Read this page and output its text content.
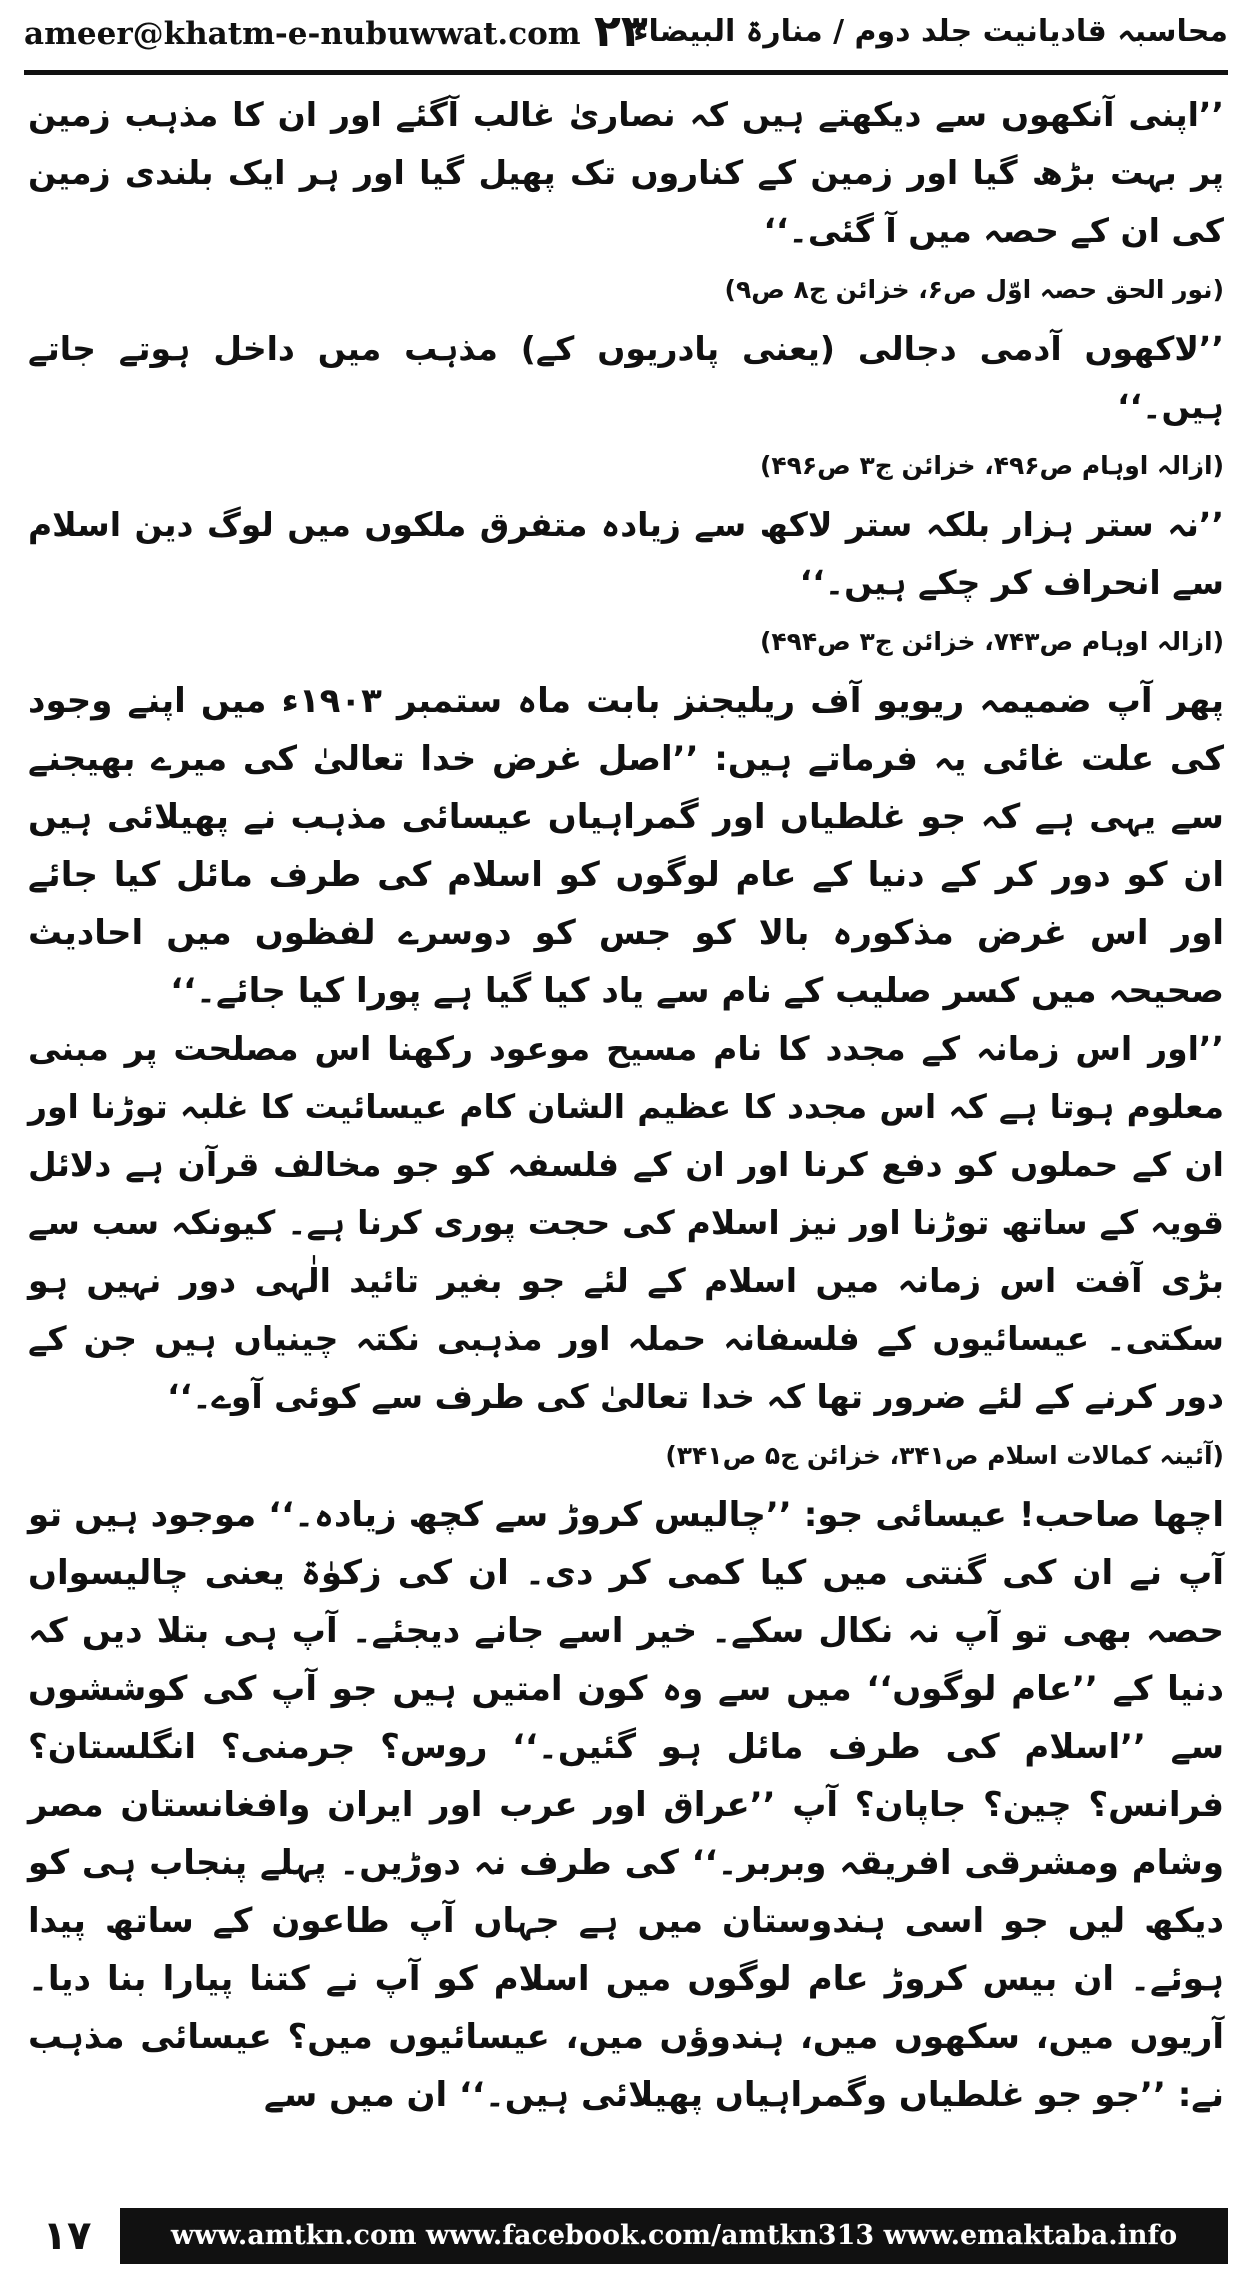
ameer@khatm-e-nubuwwat.com ۲۳
محاسبہ قادیانیت جلد دوم / منارۃ البیضاء

’’اپنی آنکھوں سے دیکھتے ہیں کہ نصاریٰ غالب آگئے اور ان کا مذہب زمین پر بہت بڑھ گیا اور زمین کے کناروں تک پھیل گیا اور ہر ایک بلندی زمین کی ان کے حصہ میں آ گئی۔‘‘

(نور الحق حصہ اوّل ص۶، خزائن ج۸ ص۹)

’’لاکھوں آدمی دجالی (یعنی پادریوں کے) مذہب میں داخل ہوتے جاتے ہیں۔‘‘

(ازالہ اوہام ص۴۹۶، خزائن ج۳ ص۴۹۶)

’’نہ ستر ہزار بلکہ ستر لاکھ سے زیادہ متفرق ملکوں میں لوگ دین اسلام سے انحراف کر چکے ہیں۔‘‘

(ازالہ اوہام ص۷۴۳، خزائن ج۳ ص۴۹۴)

پھر آپ ضمیمہ ریویو آف ریلیجنز بابت ماہ ستمبر ۱۹۰۳ء میں اپنے وجود کی علت غائی یہ فرماتے ہیں: ’’اصل غرض خدا تعالیٰ کی میرے بھیجنے سے یہی ہے کہ جو غلطیاں اور گمراہیاں عیسائی مذہب نے پھیلائی ہیں ان کو دور کر کے دنیا کے عام لوگوں کو اسلام کی طرف مائل کیا جائے اور اس غرض مذکورہ بالا کو جس کو دوسرے لفظوں میں احادیث صحیحہ میں کسر صلیب کے نام سے یاد کیا گیا ہے پورا کیا جائے۔‘‘

’’اور اس زمانہ کے مجدد کا نام مسیح موعود رکھنا اس مصلحت پر مبنی معلوم ہوتا ہے کہ اس مجدد کا عظیم الشان کام عیسائیت کا غلبہ توڑنا اور ان کے حملوں کو دفع کرنا اور ان کے فلسفہ کو جو مخالف قرآن ہے دلائل قویہ کے ساتھ توڑنا اور نیز اسلام کی حجت پوری کرنا ہے۔ کیونکہ سب سے بڑی آفت اس زمانہ میں اسلام کے لئے جو بغیر تائید الٰہی دور نہیں ہو سکتی۔ عیسائیوں کے فلسفانہ حملہ اور مذہبی نکتہ چینیاں ہیں جن کے دور کرنے کے لئے ضرور تھا کہ خدا تعالیٰ کی طرف سے کوئی آوے۔‘‘

(آئینہ کمالات اسلام ص۳۴۱، خزائن ج۵ ص۳۴۱)

اچھا صاحب! عیسائی جو: ’’چالیس کروڑ سے کچھ زیادہ۔‘‘ موجود ہیں تو آپ نے ان کی گنتی میں کیا کمی کر دی۔ ان کی زکوٰۃ یعنی چالیسواں حصہ بھی تو آپ نہ نکال سکے۔ خیر اسے جانے دیجئے۔ آپ ہی بتلا دیں کہ دنیا کے ’’عام لوگوں‘‘ میں سے وہ کون امتیں ہیں جو آپ کی کوششوں سے ’’اسلام کی طرف مائل ہو گئیں۔‘‘ روس؟ جرمنی؟ انگلستان؟ فرانس؟ چین؟ جاپان؟ آپ ’’عراق اور عرب اور ایران وافغانستان مصر وشام ومشرقی افریقہ وبربر۔‘‘ کی طرف نہ دوڑیں۔ پہلے پنجاب ہی کو دیکھ لیں جو اسی ہندوستان میں ہے جہاں آپ طاعون کے ساتھ پیدا ہوئے۔ ان بیس کروڑ عام لوگوں میں اسلام کو آپ نے کتنا پیارا بنا دیا۔ آریوں میں، سکھوں میں، ہندوؤں میں، عیسائیوں میں؟ عیسائی مذہب نے: ’’جو جو غلطیاں وگمراہیاں پھیلائی ہیں۔‘‘ ان میں سے

۱۷	www.amtkn.com www.facebook.com/amtkn313 www.emaktaba.info
